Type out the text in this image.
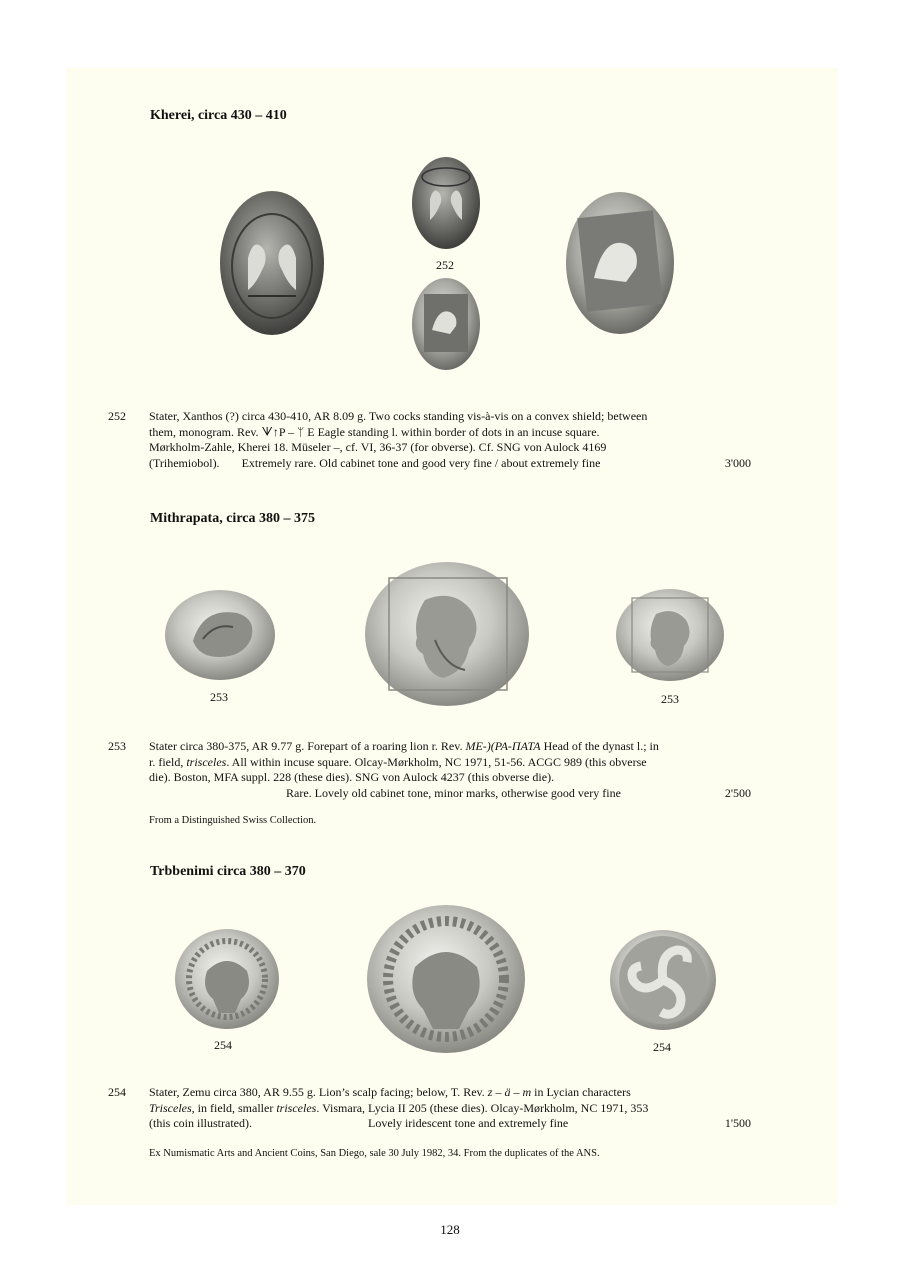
Kherei, circa 430 – 410
252
252 Stater, Xanthos (?) circa 430-410, AR 8.09 g. Two cocks standing vis-à-vis on a convex shield; between

them, monogram. Rev. ᗐ↑P – ᛘ E Eagle standing l. within border of dots in an incuse square.

Mørkholm-Zahle, Kherei 18. Müseler –, cf. VI, 36-37 (for obverse). Cf. SNG von Aulock 4169

(Trihemiobol). Extremely rare. Old cabinet tone and good very fine / about extremely fine	3'000

Mithrapata, circa 380 – 375
253	253
253 Stater circa 380-375, AR 9.77 g. Forepart of a roaring lion r. Rev. ME-)(PA-ΠΑΤΑ Head of the dynast l.; in

r. field, trisceles. All within incuse square. Olcay-Mørkholm, NC 1971, 51-56. ACGC 989 (this obverse

die). Boston, MFA suppl. 228 (these dies). SNG von Aulock 4237 (this obverse die).

Rare. Lovely old cabinet tone, minor marks, otherwise good very fine	2'500

From a Distinguished Swiss Collection.
Trbbenimi circa 380 – 370
254	254
254 Stater, Zemu circa 380, AR 9.55 g. Lion’s scalp facing; below, T. Rev. z – ä – m in Lycian characters

Trisceles, in field, smaller trisceles. Vismara, Lycia II 205 (these dies). Olcay-Mørkholm, NC 1971, 353

(this coin illustrated).	Lovely iridescent tone and extremely fine	1'500

Ex Numismatic Arts and Ancient Coins, San Diego, sale 30 July 1982, 34. From the duplicates of the ANS.
128
